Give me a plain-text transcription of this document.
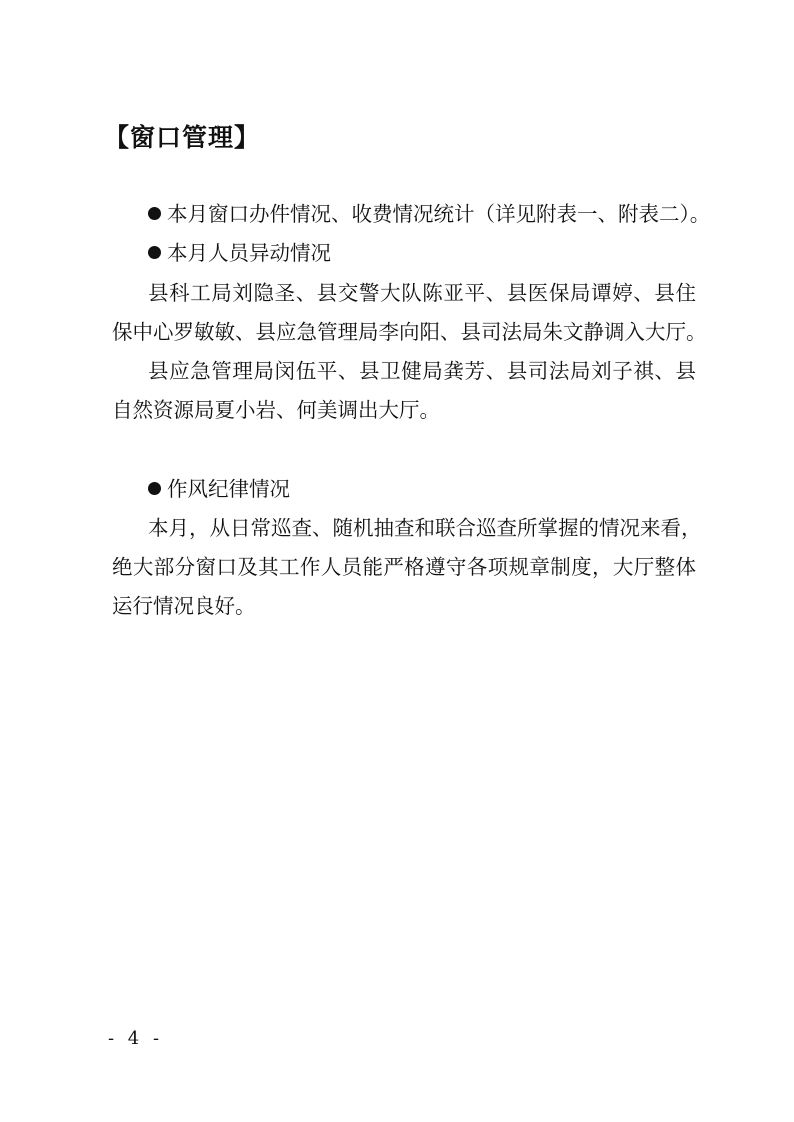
【窗口管理】
本月窗口办件情况、收费情况统计（详见附表一、附表二）。
本月人员异动情况
县科工局刘隐圣、县交警大队陈亚平、县医保局谭婷、县住
保中心罗敏敏、县应急管理局李向阳、县司法局朱文静调入大厅。
县应急管理局闵伍平、县卫健局龚芳、县司法局刘子祺、县
自然资源局夏小岩、何美调出大厅。
作风纪律情况
本月，从日常巡查、随机抽查和联合巡查所掌握的情况来看，
绝大部分窗口及其工作人员能严格遵守各项规章制度，大厅整体
运行情况良好。
- 4 -
